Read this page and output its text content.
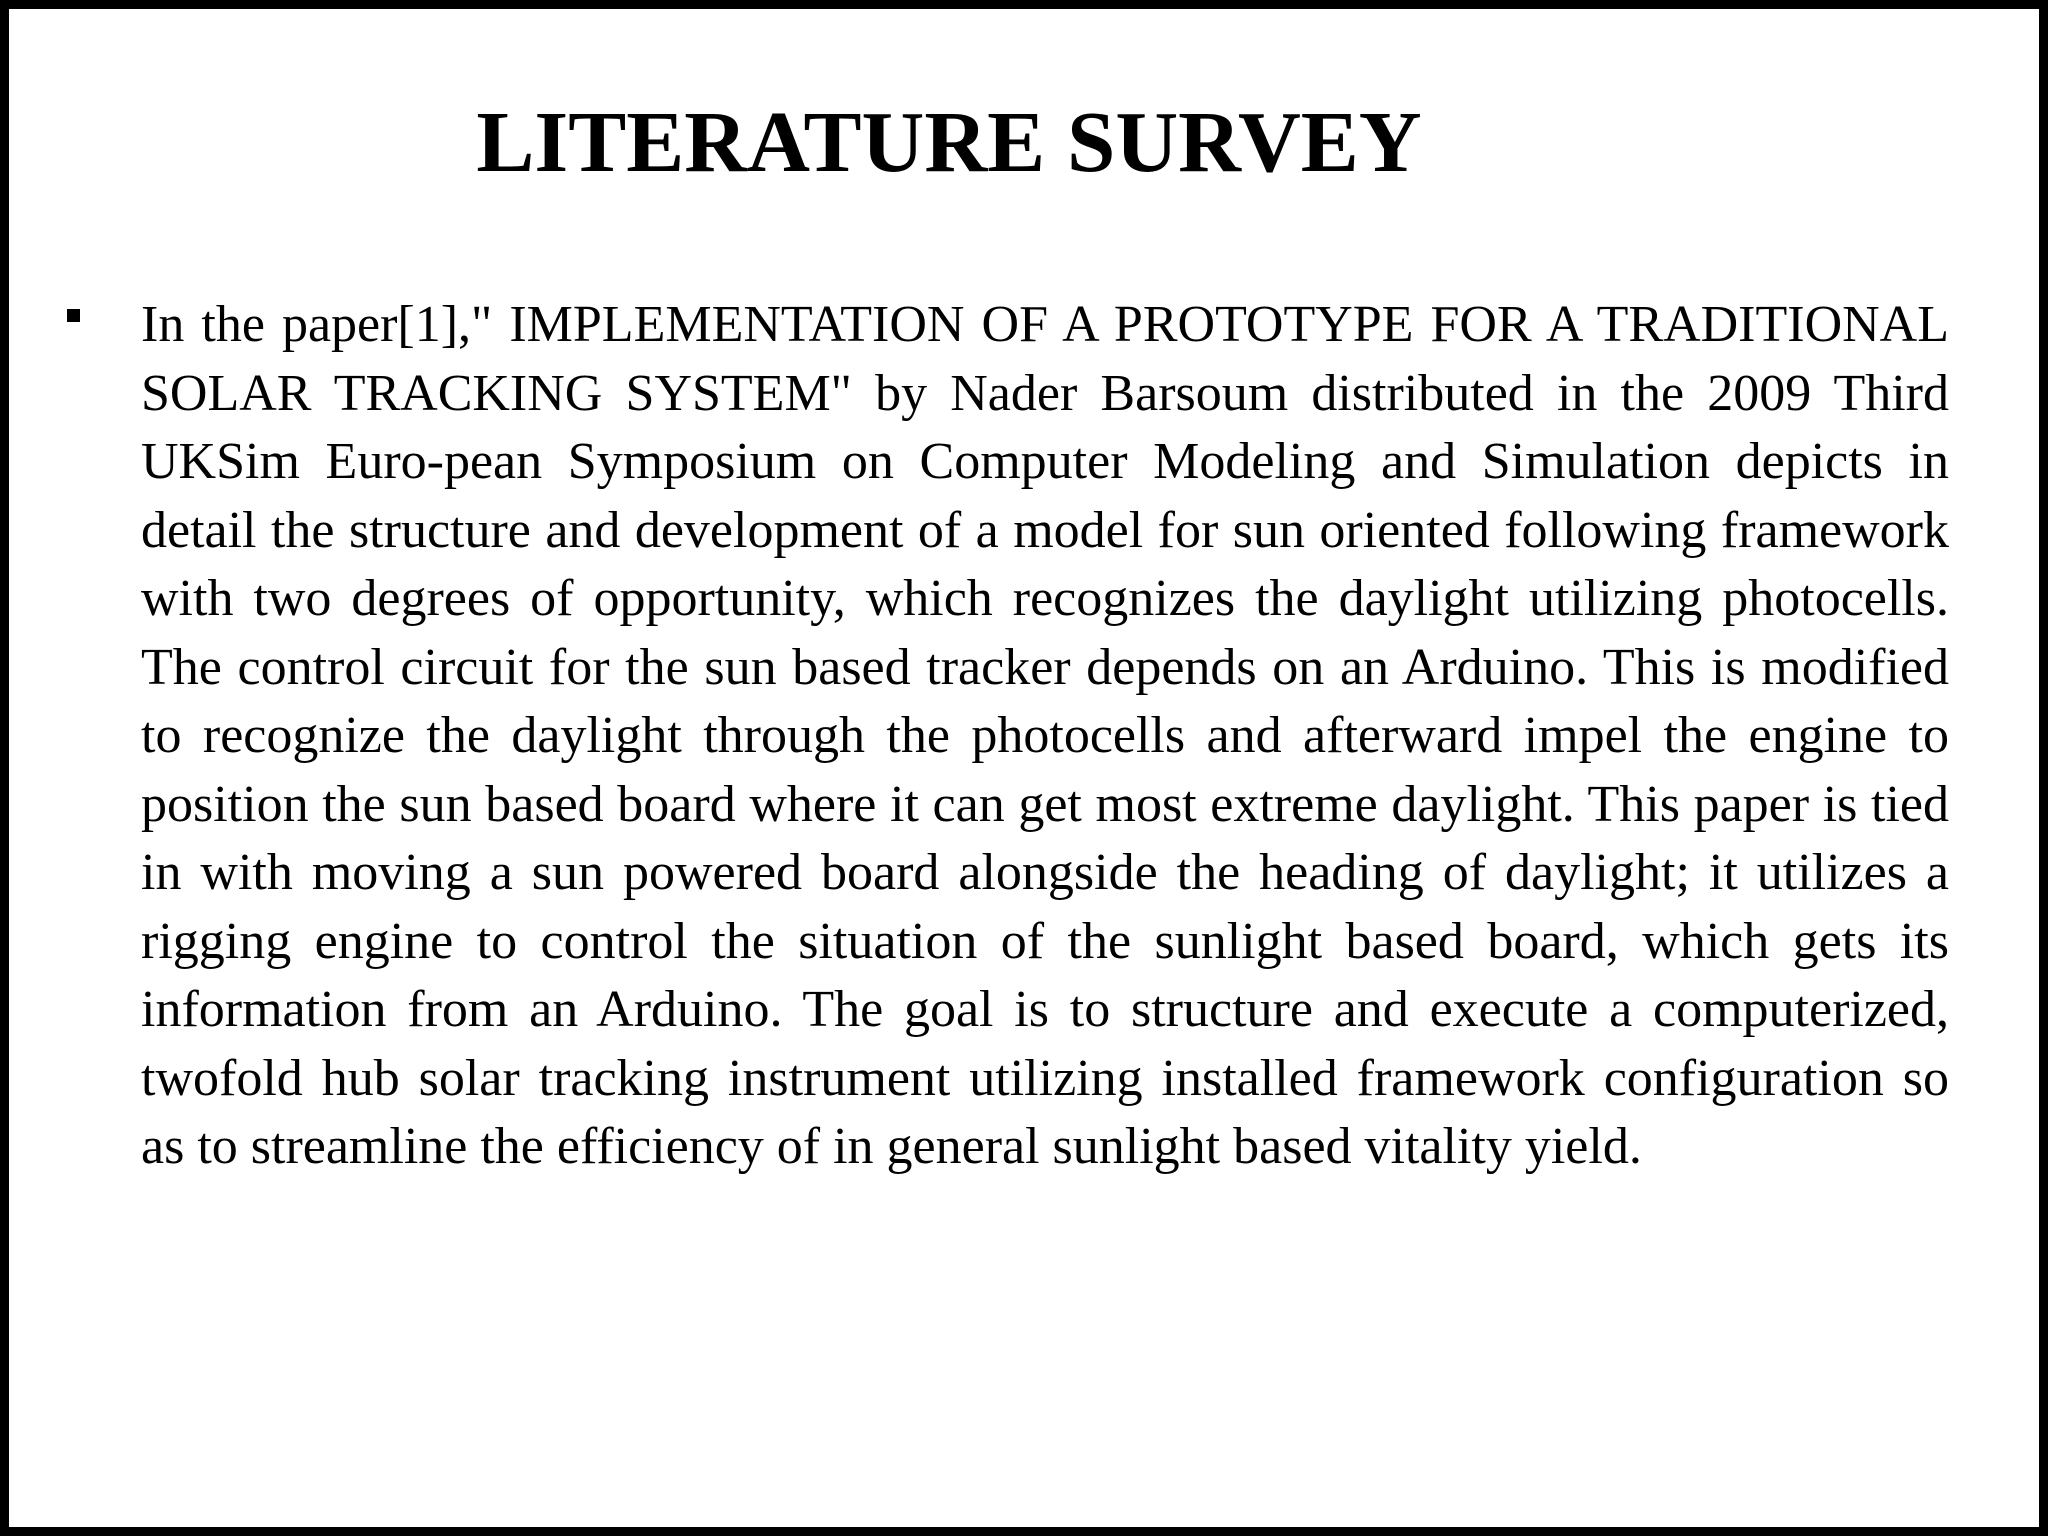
LITERATURE SURVEY

In the paper[1]," IMPLEMENTATION OF A PROTOTYPE FOR A TRADITIONAL SOLAR TRACKING SYSTEM" by Nader Barsoum distributed in the 2009 Third UKSim Euro-pean Symposium on Computer Modeling and Simulation depicts in detail the structure and development of a model for sun oriented following framework with two degrees of opportunity, which recognizes the daylight utilizing photocells. The control circuit for the sun based tracker depends on an Arduino. This is modified to recognize the daylight through the photocells and afterward impel the engine to position the sun based board where it can get most extreme daylight. This paper is tied in with moving a sun powered board alongside the heading of daylight; it utilizes a rigging engine to control the situation of the sunlight based board, which gets its information from an Arduino. The goal is to structure and execute a computerized, twofold hub solar tracking instrument utilizing installed framework configuration so as to streamline the efficiency of in general sunlight based vitality yield.
